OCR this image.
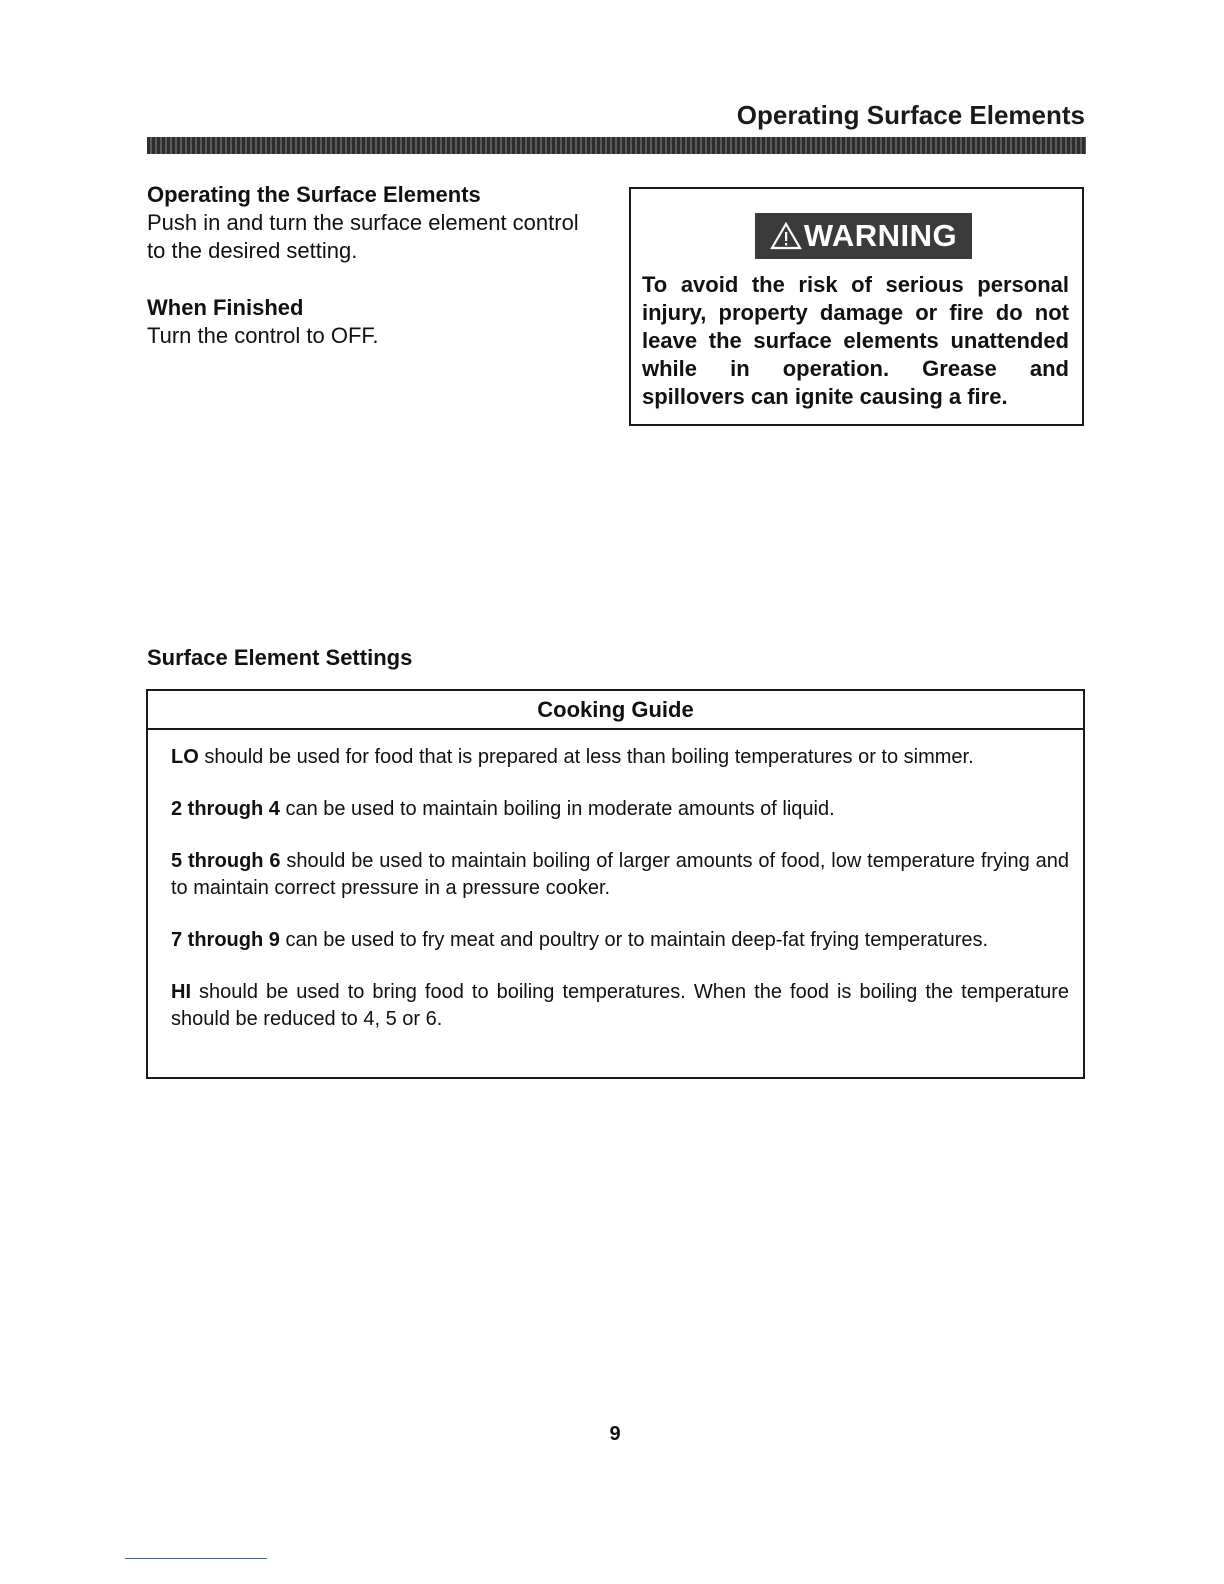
Operating Surface Elements

Operating the Surface Elements

Push in and turn the surface element control

to the desired setting.

When Finished

Turn the control to OFF.

WARNING

To avoid the risk of serious personal injury, property damage or fire do not leave the surface elements unattended while in operation. Grease and spillovers can ignite causing a fire.

Surface Element Settings

Cooking Guide

LO should be used for food that is prepared at less than boiling temperatures or to simmer.

2 through 4 can be used to maintain boiling in moderate amounts of liquid.

5 through 6 should be used to maintain boiling of larger amounts of food, low temperature frying and to maintain correct pressure in a pressure cooker.

7 through 9 can be used to fry meat and poultry or to maintain deep-fat frying temperatures.

HI should be used to bring food to boiling temperatures. When the food is boiling the temperature should be reduced to 4, 5 or 6.

9
